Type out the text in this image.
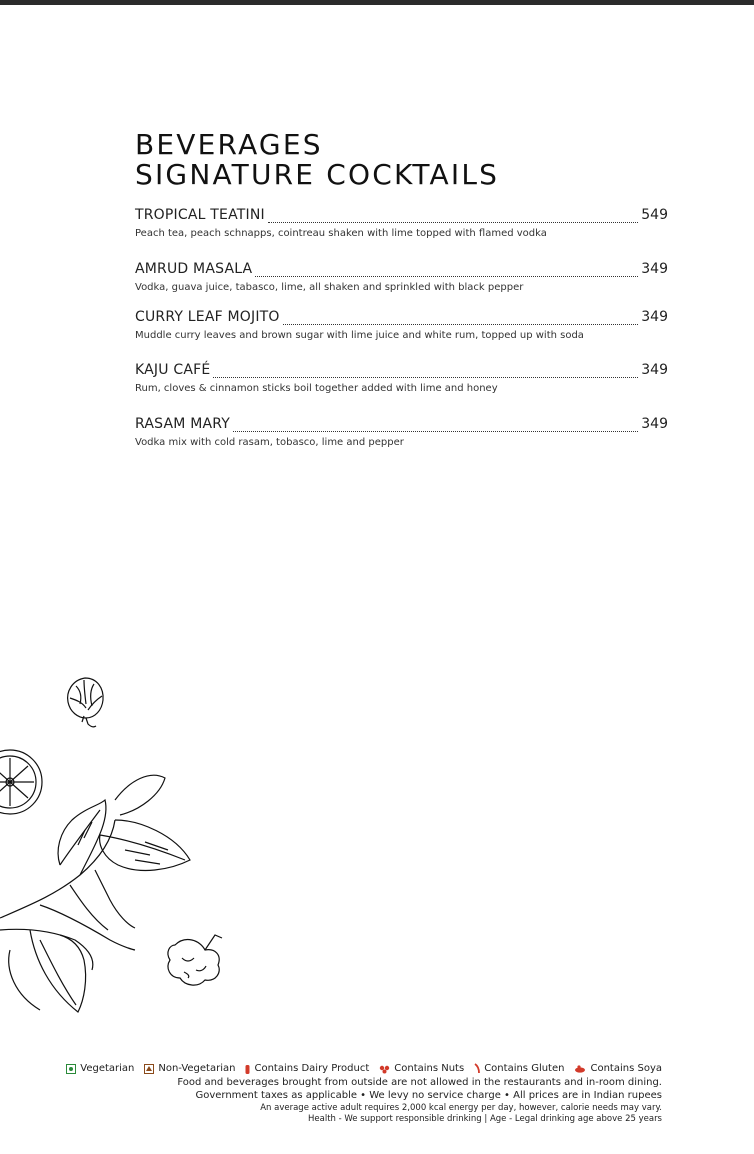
BEVERAGES
SIGNATURE COCKTAILS
TROPICAL TEATINI	549
Peach tea, peach schnapps, cointreau shaken with lime topped with flamed vodka
AMRUD MASALA	349
Vodka, guava juice, tabasco, lime, all shaken and sprinkled with black pepper
CURRY LEAF MOJITO	349
Muddle curry leaves and brown sugar with lime juice and white rum, topped up with soda
KAJU CAFÉ	349
Rum, cloves & cinnamon sticks boil together added with lime and honey
RASAM MARY	349
Vodka mix with cold rasam, tobasco, lime and pepper
Vegetarian Non-Vegetarian Contains Dairy Product	Contains Nuts Contains Gluten	Contains Soya
Food and beverages brought from outside are not allowed in the restaurants and in-room dining.
Government taxes as applicable • We levy no service charge • All prices are in Indian rupees
An average active adult requires 2,000 kcal energy per day, however, calorie needs may vary.
Health - We support responsible drinking | Age - Legal drinking age above 25 years
